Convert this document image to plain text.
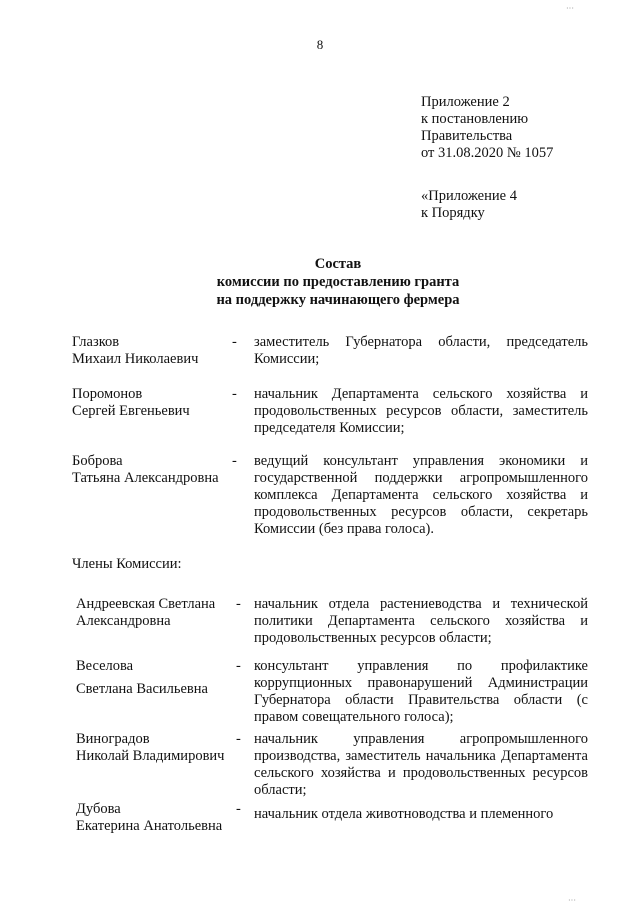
8
Приложение 2
к постановлению
Правительства
от 31.08.2020 № 1057
«Приложение 4
к Порядку
Состав
комиссии по предоставлению гранта
на поддержку начинающего фермера
Глазков
Михаил Николаевич
- заместитель Губернатора области, председатель Комиссии;
Поромонов
Сергей Евгеньевич
- начальник Департамента сельского хозяйства и продовольственных ресурсов области, заместитель председателя Комиссии;
Боброва
Татьяна Александровна
- ведущий консультант управления экономики и государственной поддержки агропромышленного комплекса Департамента сельского хозяйства и продовольственных ресурсов области, секретарь Комиссии (без права голоса).
Члены Комиссии:
Андреевская Светлана
Александровна
- начальник отдела растениеводства и технической политики Департамента сельского хозяйства и продовольственных ресурсов области;
Веселова
Светлана Васильевна
- консультант управления по профилактике коррупционных правонарушений Администрации Губернатора области Правительства области (с правом совещательного голоса);
Виноградов
Николай Владимирович
- начальник управления агропромышленного производства, заместитель начальника Департамента сельского хозяйства и продовольственных ресурсов области;
Дубова
Екатерина Анатольевна
- начальник отдела животноводства и племенного
···
···
